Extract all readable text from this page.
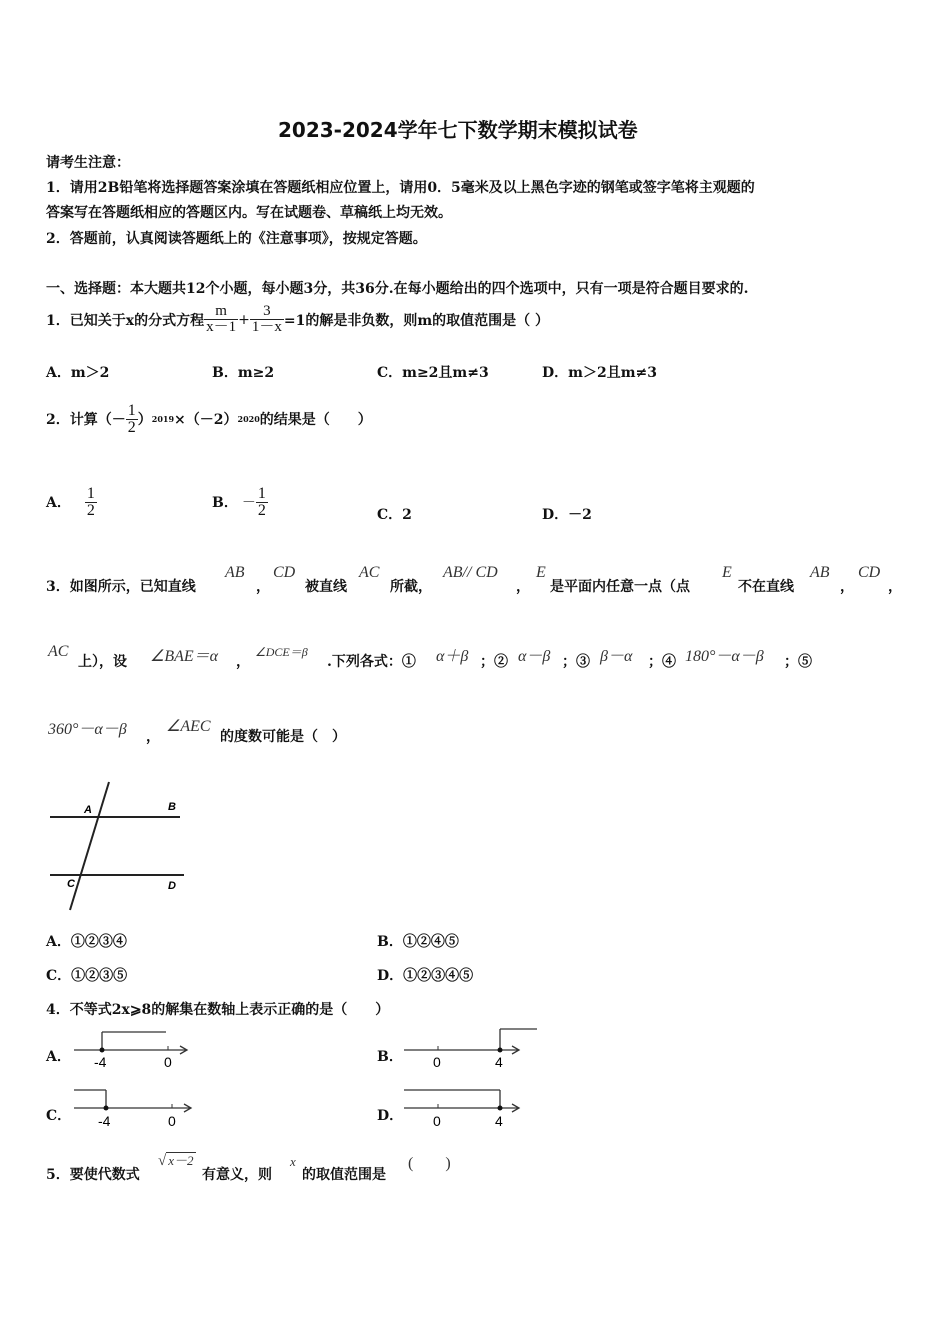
2023-2024学年七下数学期末模拟试卷
请考生注意：
1．请用2B铅笔将选择题答案涂填在答题纸相应位置上，请用0．5毫米及以上黑色字迹的钢笔或签字笔将主观题的
答案写在答题纸相应的答题区内。写在试题卷、草稿纸上均无效。
2．答题前，认真阅读答题纸上的《注意事项》，按规定答题。
一、选择题：本大题共12个小题，每小题3分，共36分.在每小题给出的四个选项中，只有一项是符合题目要求的.
1．已知关于x的分式方程 $\frac{m}{x-1} + \frac{3}{1-x} =1$的解是非负数，则m的取值范围是（ ）
A．m＞2	B．m≥2	C．m≥2且m≠3	D．m＞2且m≠3
2．计算（－ $\frac{1}{2}$ ） 2019 ×（－2） 2020 的结果是（　　）
A． $\frac{1}{2}$	B． － $\frac{1}{2}$	C．2	D．－2
3．如图所示，已知直线
AB
，
CD
被直线
AC
所截，
AB// CD
，
E
是平面内任意一点（点
E
不在直线
AB
，
CD
，
AC
上），设 ∠BAE＝α ，
∠DCE＝β
.下列各式：① α＋β ；② α－β ；③ β－α ；④ 180°－α－β ；⑤
360°－α－β ，
∠AEC
的度数可能是（　）
A	B
C	D
A．①②③④	B．①②④⑤
C．①②③⑤	D．①②③④⑤
4．不等式2x⩾8的解集在数轴上表示正确的是（　　）
A． -4	0	B． 0	4
C． -4	0	D． 0	4
5．要使代数式
√ x－2
有意义，则
x
的取值范围是
(　　)
